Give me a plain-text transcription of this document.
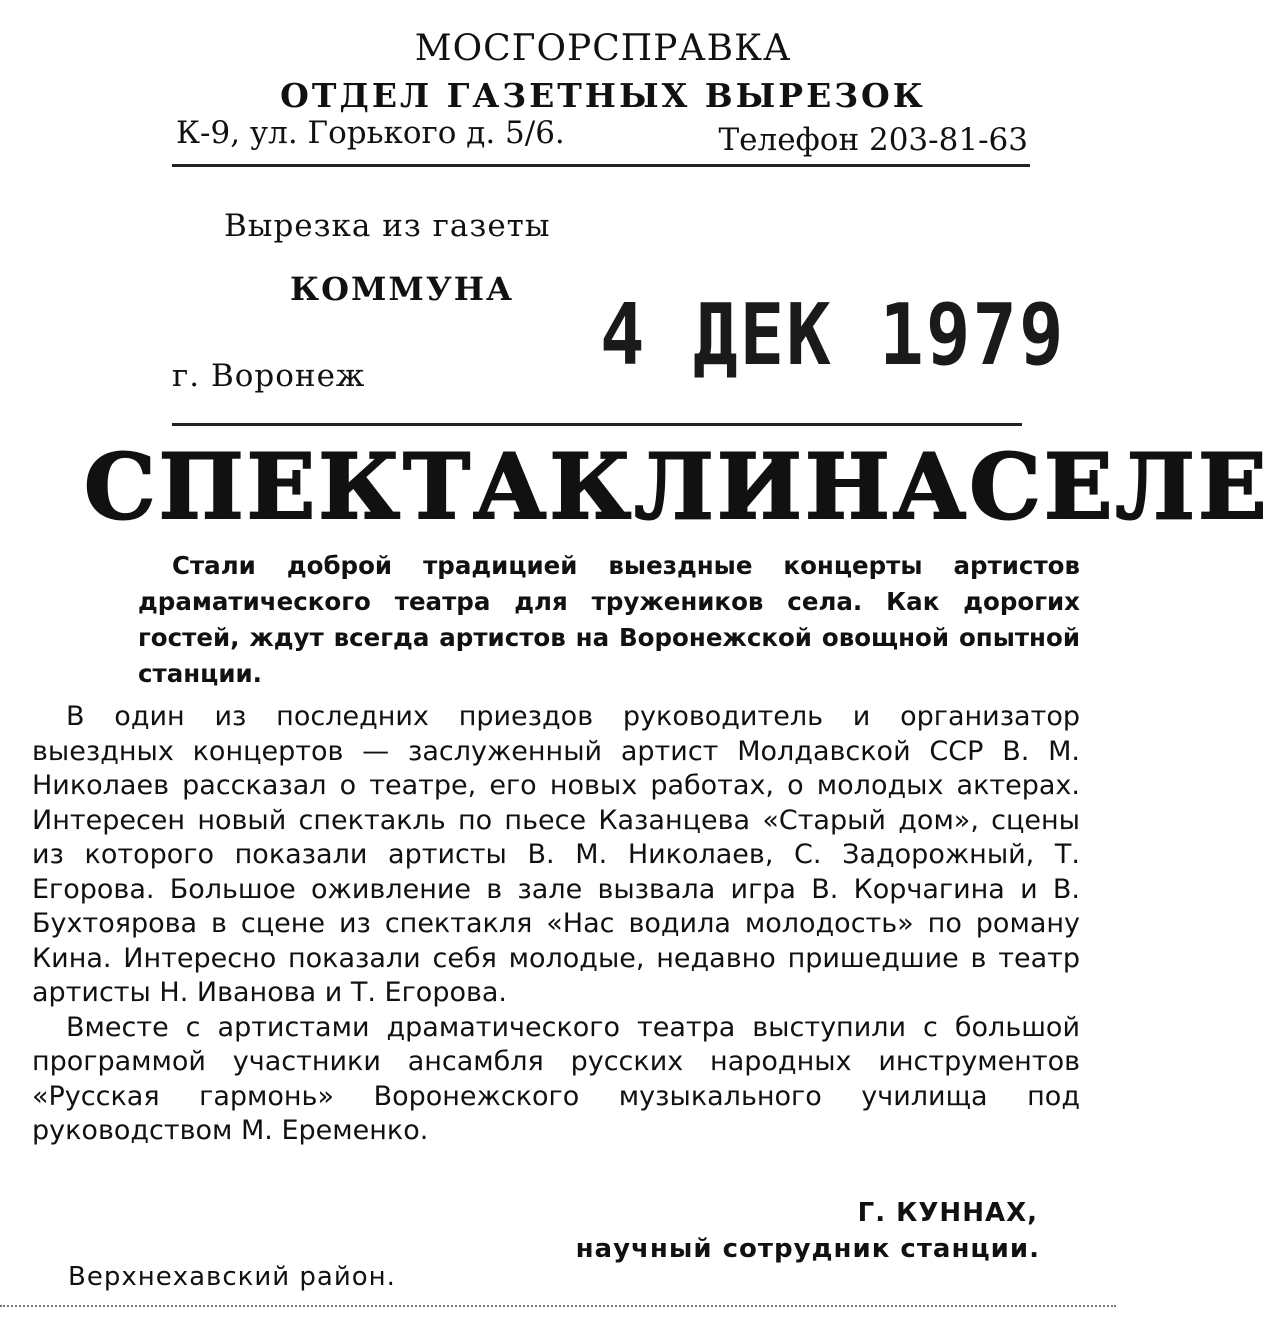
МОСГОРСПРАВКА
ОТДЕЛ ГАЗЕТНЫХ ВЫРЕЗОК
К-9, ул. Горького д. 5/6.	Телефон 203-81-63
Вырезка из газеты
КОММУНА
г. Воронеж	4 ДЕК 1979
СПЕКТАКЛИ НА СЕЛЕ
Стали доброй традицией выездные концерты артистов драматического театра для тружеников села. Как дорогих гостей, ждут всегда артистов на Воронежской овощной опытной станции.

В один из последних приездов руководитель и организатор выездных концертов — заслуженный артист Молдавской ССР В. М. Николаев рассказал о театре, его новых работах, о молодых актерах. Интересен новый спектакль по пьесе Казанцева «Старый дом», сцены из которого показали артисты В. М. Николаев, С. Задорожный, Т. Егорова. Большое оживление в зале вызвала игра В. Корчагина и В. Бухтоярова в сцене из спектакля «Нас водила молодость» по роману Кина. Интересно показали себя молодые, недавно пришедшие в театр артисты Н. Иванова и Т. Егорова.

Вместе с артистами драматического театра выступили с большой программой участники ансамбля русских народных инструментов «Русская гармонь» Воронежского музыкального училища под руководством М. Еременко.

Г. КУННАХ,
научный сотрудник станции.
Верхнехавский район.
